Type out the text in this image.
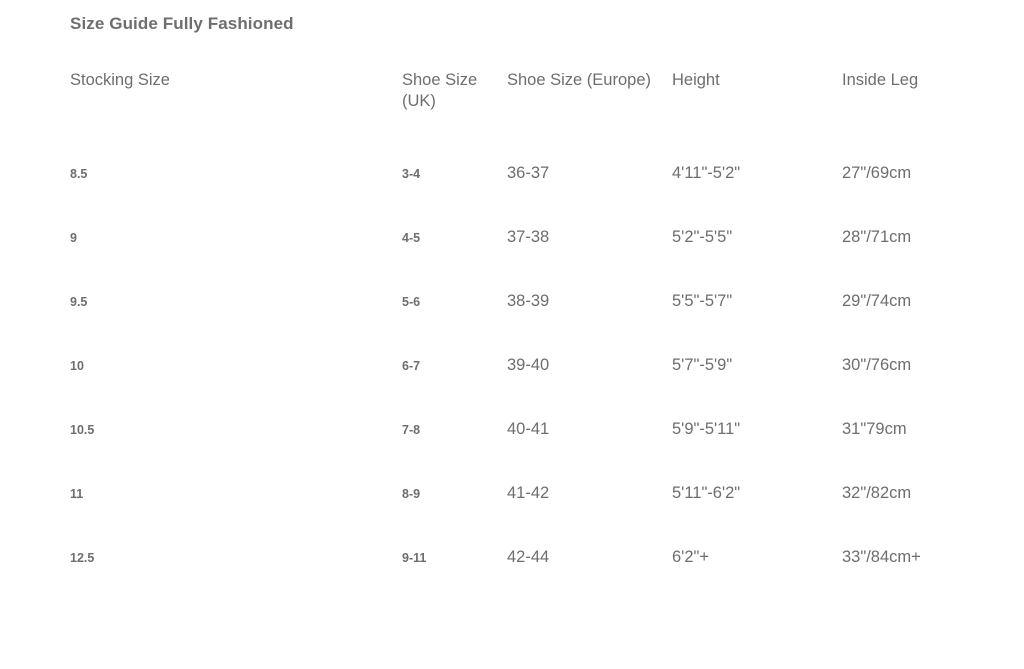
Size Guide Fully Fashioned
Stocking Size	Shoe Size (UK)	Shoe Size (Europe)	Height	Inside Leg
8.5	3-4	36-37	4'11"-5'2"	27"/69cm
9	4-5	37-38	5'2"-5'5"	28"/71cm
9.5	5-6	38-39	5'5"-5'7"	29"/74cm
10	6-7	39-40	5'7"-5'9"	30"/76cm
10.5	7-8	40-41	5'9"-5'11"	31"79cm
11	8-9	41-42	5'11"-6'2"	32"/82cm
12.5	9-11	42-44	6'2"+	33"/84cm+
